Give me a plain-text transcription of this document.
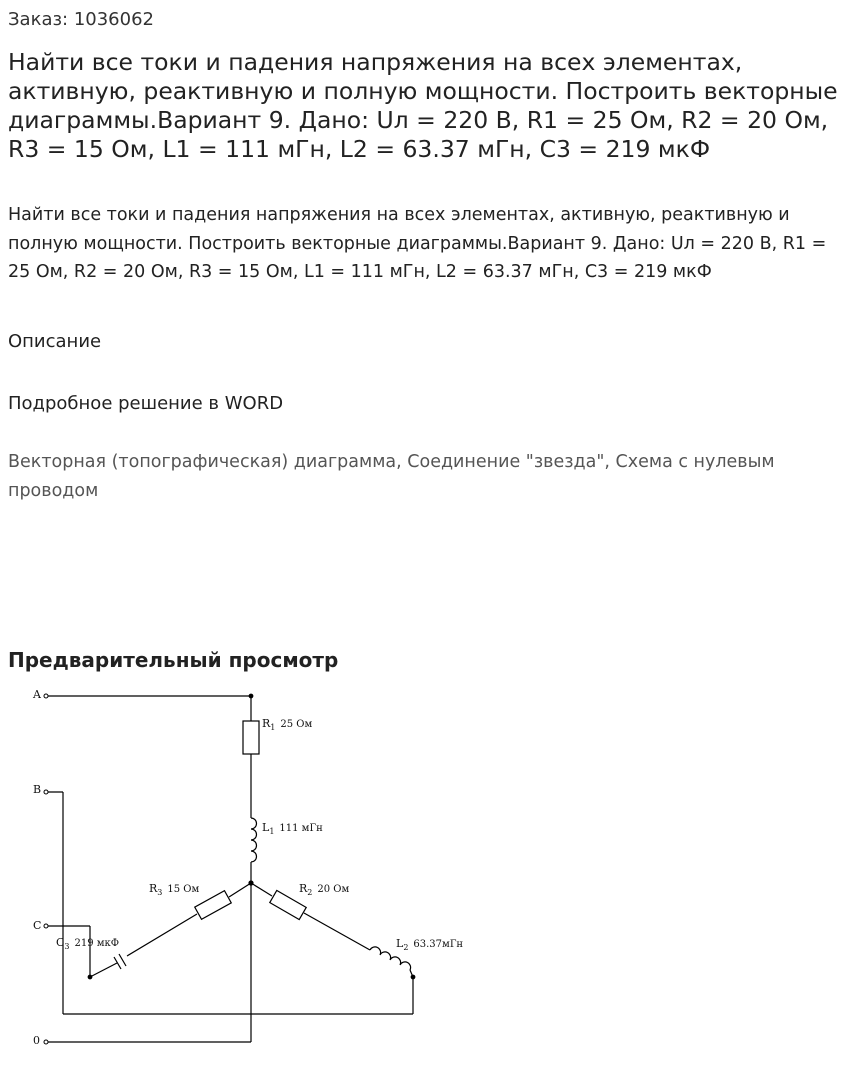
Заказ: 1036062
Найти все токи и падения напряжения на всех элементах, активную, реактивную и полную мощности. Построить векторные диаграммы.Вариант 9. Дано: Uл = 220 В, R1 = 25 Ом, R2 = 20 Ом, R3 = 15 Ом, L1 = 111 мГн, L2 = 63.37 мГн, C3 = 219 мкФ
Найти все токи и падения напряжения на всех элементах, активную, реактивную и полную мощности. Построить векторные диаграммы.Вариант 9. Дано: Uл = 220 В, R1 = 25 Ом, R2 = 20 Ом, R3 = 15 Ом, L1 = 111 мГн, L2 = 63.37 мГн, C3 = 219 мкФ
Описание
Подробное решение в WORD
Векторная (топографическая) диаграмма, Соединение "звезда", Схема с нулевым проводом
Предварительный просмотр
A
B
C
0
$R_1$ 25 Ом
$L_1$ 111 мГн
$R_2$ 20 Ом
$R_3$ 15 Ом
$L_2$ 63.37мГн
$C_3$ 219 мкФ
